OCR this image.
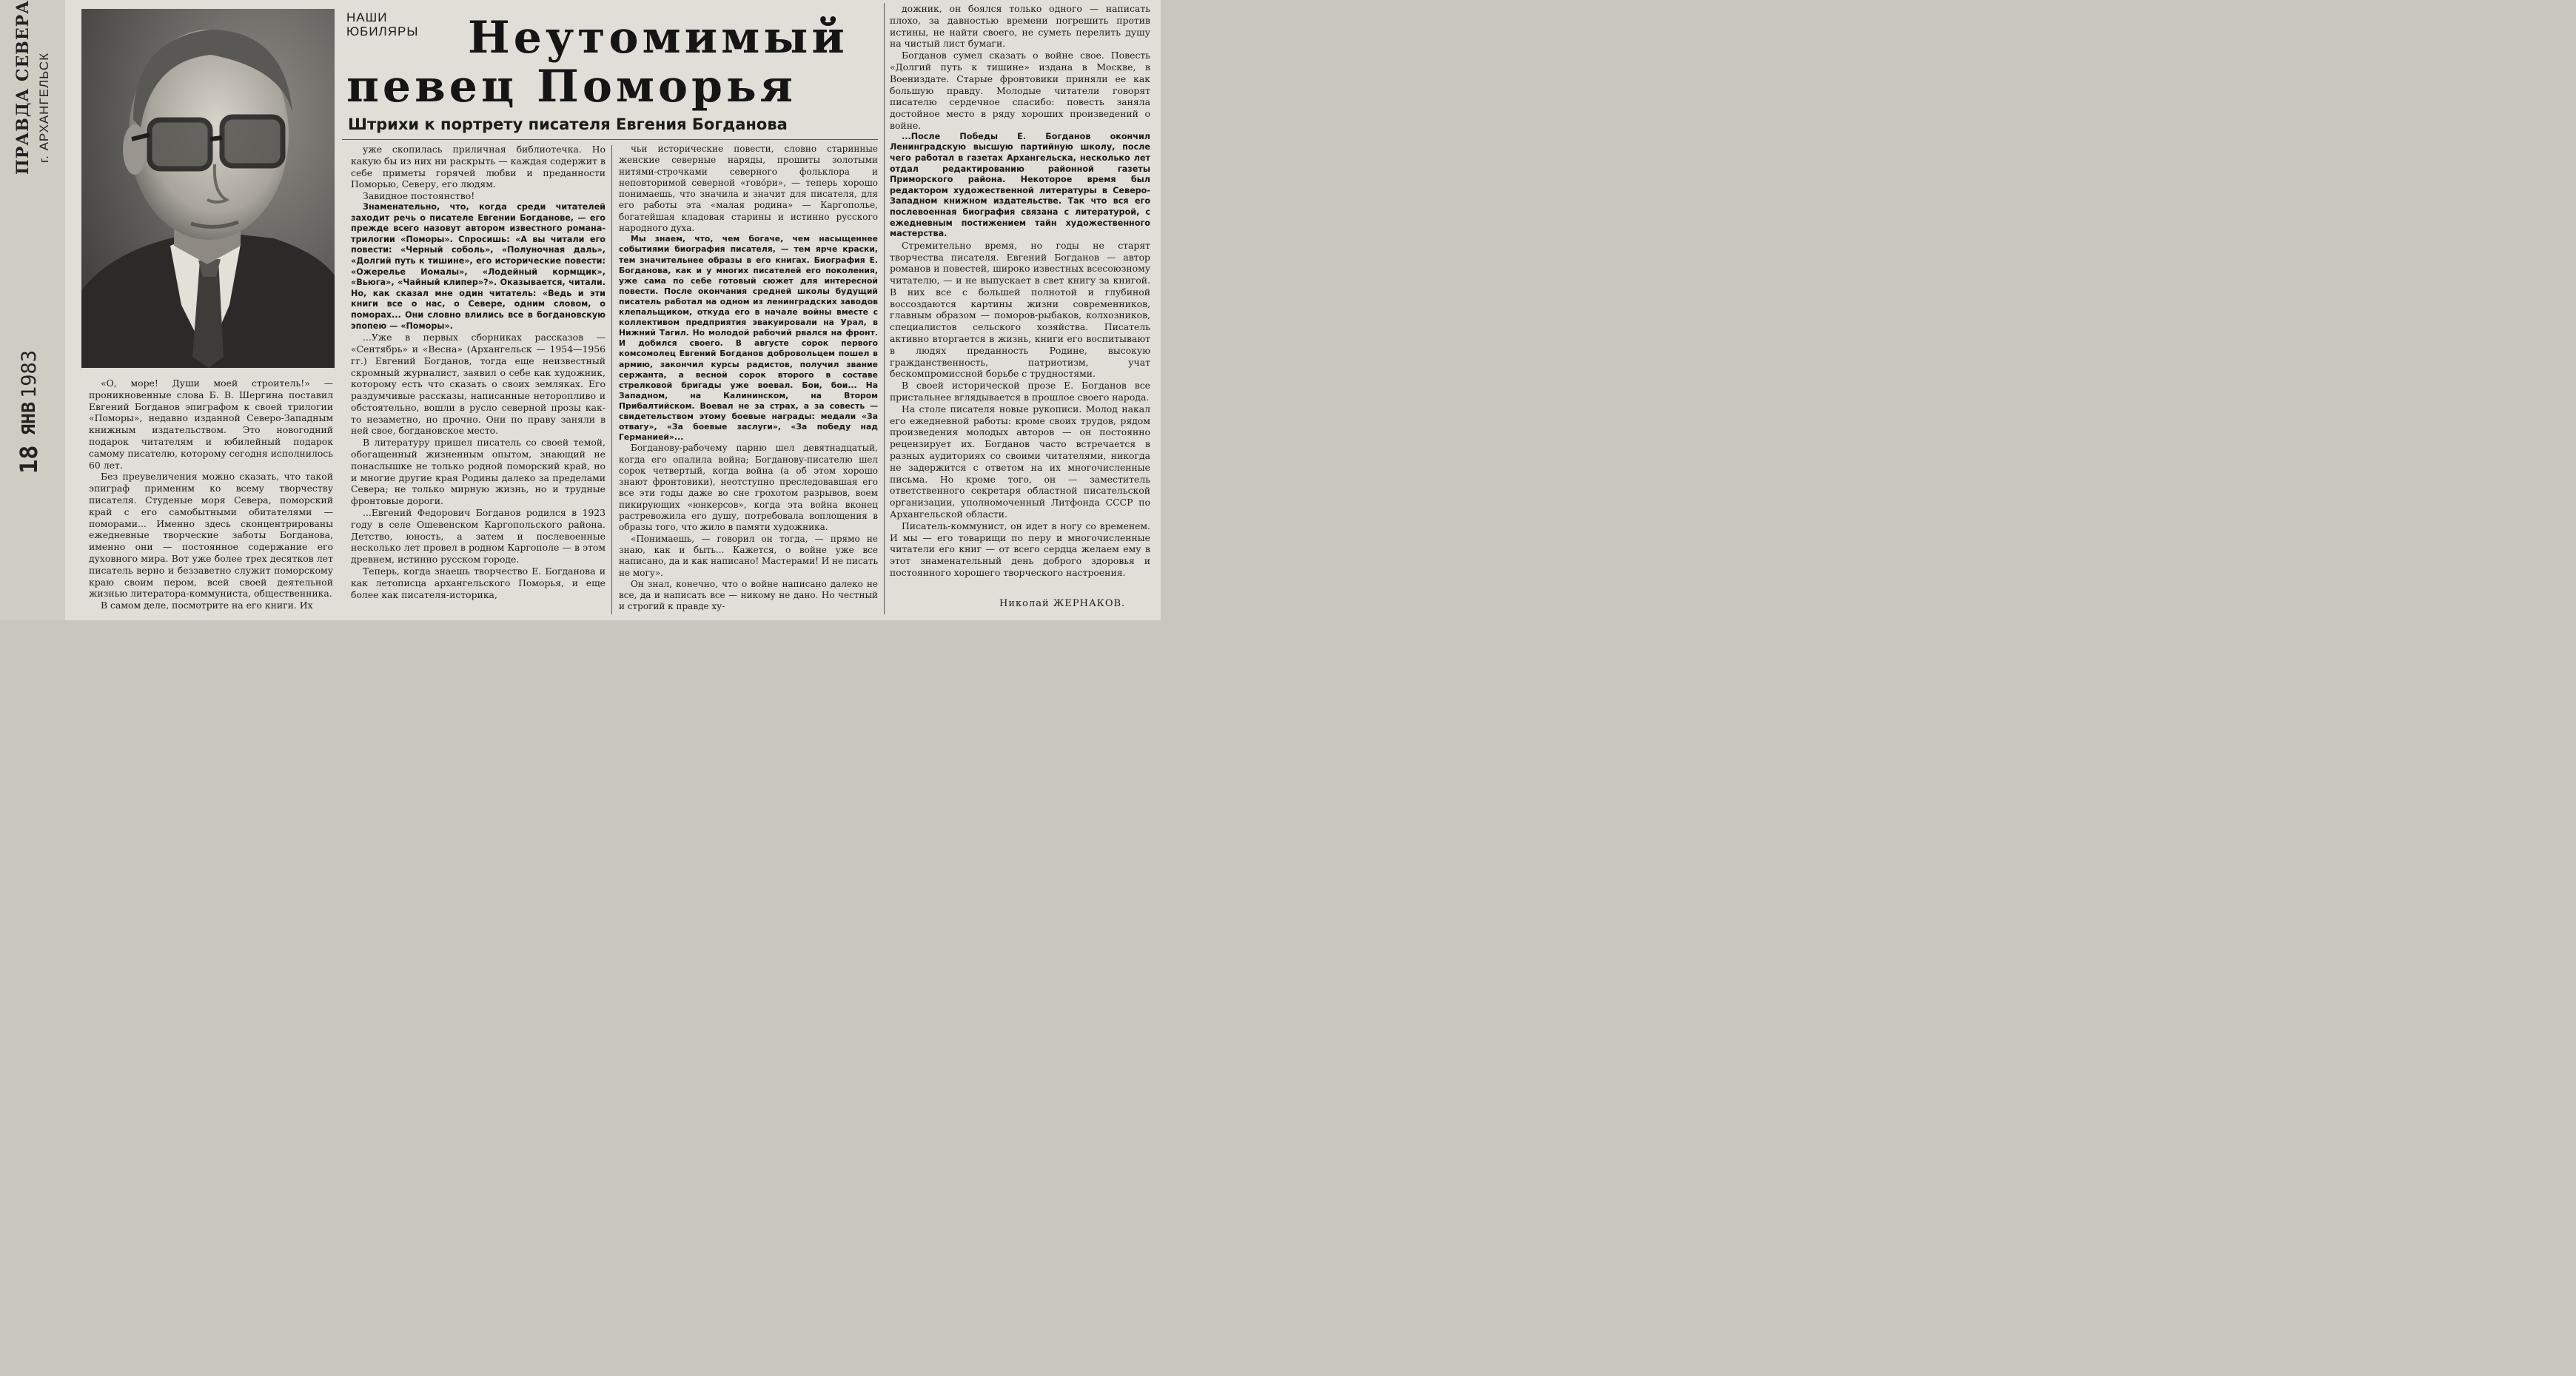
ПРАВДА СЕВЕРА г. АРХАНГЕЛЬСК
18
ЯНВ
1983
НАШИ
ЮБИЛЯРЫ Неутомимый
певец Поморья
Штрихи к портрету писателя Евгения Богданова

«О, море! Души моей строитель!» — проникновенные слова Б. В. Шергина поставил Евгений Богданов эпиграфом к своей трилогии «Поморы», недавно изданной Северо-Западным книжным издательством. Это новогодний подарок читателям и юбилейный подарок самому писателю, которому сегодня исполнилось 60 лет.

Без преувеличения можно сказать, что такой эпиграф применим ко всему творчеству писателя. Студеные моря Севера, поморский край с его самобытными обитателями — поморами... Именно здесь сконцентрированы ежедневные творческие заботы Богданова, именно они — постоянное содержание его духовного мира. Вот уже более трех десятков лет писатель верно и беззаветно служит поморскому краю своим пером, всей своей деятельной жизнью литератора-коммуниста, общественника.

В самом деле, посмотрите на его книги. Их

уже скопилась приличная библиотечка. Но какую бы из них ни раскрыть — каждая содержит в себе приметы горячей любви и преданности Поморью, Северу, его людям.

Завидное постоянство!

Знаменательно, что, когда среди читателей заходит речь о писателе Евгении Богданове, — его прежде всего назовут автором известного романа-трилогии «Поморы». Спросишь: «А вы читали его повести: «Черный соболь», «Полуночная даль», «Долгий путь к тишине», его исторические повести: «Ожерелье Иомалы», «Лодейный кормщик», «Вьюга», «Чайный клипер»?». Оказывается, читали. Но, как сказал мне один читатель: «Ведь и эти книги все о нас, о Севере, одним словом, о поморах... Они словно влились все в богдановскую эпопею — «Поморы».

...Уже в первых сборниках рассказов — «Сентябрь» и «Весна» (Архангельск — 1954—1956 гг.) Евгений Богданов, тогда еще неизвестный скромный журналист, заявил о себе как художник, которому есть что сказать о своих земляках. Его раздумчивые рассказы, написанные неторопливо и обстоятельно, вошли в русло северной прозы как-то незаметно, но прочно. Они по праву заняли в ней свое, богдановское место.

В литературу пришел писатель со своей темой, обогащенный жизненным опытом, знающий не понаслышке не только родной поморский край, но и многие другие края Родины далеко за пределами Севера; не только мирную жизнь, но и трудные фронтовые дороги.

...Евгений Федорович Богданов родился в 1923 году в селе Ошевенском Каргопольского района. Детство, юность, а затем и послевоенные несколько лет провел в родном Каргополе — в этом древнем, истинно русском городе.

Теперь, когда знаешь творчество Е. Богданова и как летописца архангельского Поморья, и еще более как писателя-историка,

чьи исторические повести, словно старинные женские северные наряды, прошиты золотыми нитями-строчками северного фольклора и неповторимой северной «гово́ри», — теперь хорошо понимаешь, что значила и значит для писателя, для его работы эта «малая родина» — Каргополье, богатейшая кладовая старины и истинно русского народного духа.

Мы знаем, что, чем богаче, чем насыщеннее событиями биография писателя, — тем ярче краски, тем значительнее образы в его книгах. Биография Е. Богданова, как и у многих писателей его поколения, уже сама по себе готовый сюжет для интересной повести. После окончания средней школы будущий писатель работал на одном из ленинградских заводов клепальщиком, откуда его в начале войны вместе с коллективом предприятия эвакуировали на Урал, в Нижний Тагил. Но молодой рабочий рвался на фронт. И добился своего. В августе сорок первого комсомолец Евгений Богданов добровольцем пошел в армию, закончил курсы радистов, получил звание сержанта, а весной сорок второго в составе стрелковой бригады уже воевал. Бои, бои... На Западном, на Калининском, на Втором Прибалтийском. Воевал не за страх, а за совесть — свидетельством этому боевые награды: медали «За отвагу», «За боевые заслуги», «За победу над Германией»...

Богданову-рабочему парню шел девятнадцатый, когда его опалила война; Богданову-писателю шел сорок четвертый, когда война (а об этом хорошо знают фронтовики), неотступно преследовавшая его все эти годы даже во сне грохотом разрывов, воем пикирующих «юнкерсов», когда эта война вконец растревожила его душу, потребовала воплощения в образы того, что жило в памяти художника.

«Понимаешь, — говорил он тогда, — прямо не знаю, как и быть... Кажется, о войне уже все написано, да и как написано! Мастерами! И не писать не могу».

Он знал, конечно, что о войне написано далеко не все, да и написать все — никому не дано. Но честный и строгий к правде ху-

дожник, он боялся только одного — написать плохо, за давностью времени погрешить против истины, не найти своего, не суметь перелить душу на чистый лист бумаги.

Богданов сумел сказать о войне свое. Повесть «Долгий путь к тишине» издана в Москве, в Воениздате. Старые фронтовики приняли ее как большую правду. Молодые читатели говорят писателю сердечное спасибо: повесть заняла достойное место в ряду хороших произведений о войне.

...После Победы Е. Богданов окончил Ленинградскую высшую партийную школу, после чего работал в газетах Архангельска, несколько лет отдал редактированию районной газеты Приморского района. Некоторое время был редактором художественной литературы в Северо-Западном книжном издательстве. Так что вся его послевоенная биография связана с литературой, с ежедневным постижением тайн художественного мастерства.

Стремительно время, но годы не старят творчества писателя. Евгений Богданов — автор романов и повестей, широко известных всесоюзному читателю, — и не выпускает в свет книгу за книгой. В них все с большей полнотой и глубиной воссоздаются картины жизни современников, главным образом — поморов-рыбаков, колхозников, специалистов сельского хозяйства. Писатель активно вторгается в жизнь, книги его воспитывают в людях преданность Родине, высокую гражданственность, патриотизм, учат бескомпромиссной борьбе с трудностями.

В своей исторической прозе Е. Богданов все пристальнее вглядывается в прошлое своего народа.

На столе писателя новые рукописи. Молод накал его ежедневной работы: кроме своих трудов, рядом произведения молодых авторов — он постоянно рецензирует их. Богданов часто встречается в разных аудиториях со своими читателями, никогда не задержится с ответом на их многочисленные письма. Но кроме того, он — заместитель ответственного секретаря областной писательской организации, уполномоченный Литфонда СССР по Архангельской области.

Писатель-коммунист, он идет в ногу со временем. И мы — его товарищи по перу и многочисленные читатели его книг — от всего сердца желаем ему в этот знаменательный день доброго здоровья и постоянного хорошего творческого настроения.

Николай ЖЕРНАКОВ.
